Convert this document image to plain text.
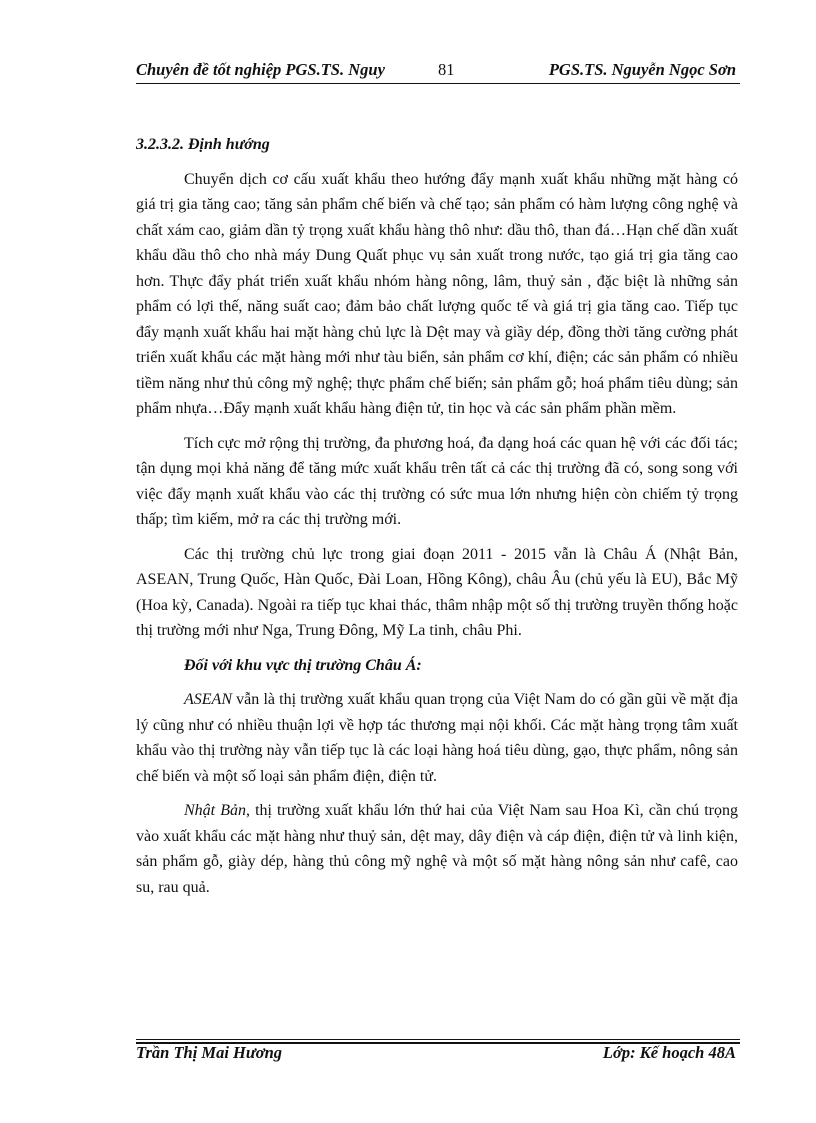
Chuyên đề tốt nghiệp PGS.TS. Nguy	81	PGS.TS. Nguyễn Ngọc Sơn

3.2.3.2. Định hướng

Chuyển dịch cơ cấu xuất khẩu theo hướng đẩy mạnh xuất khẩu những mặt hàng có giá trị gia tăng cao; tăng sản phẩm chế biến và chế tạo; sản phẩm có hàm lượng công nghệ và chất xám cao, giảm dần tỷ trọng xuất khẩu hàng thô như: dầu thô, than đá…Hạn chế dần xuất khẩu dầu thô cho nhà máy Dung Quất phục vụ sản xuất trong nước, tạo giá trị gia tăng cao hơn. Thực đẩy phát triển xuất khẩu nhóm hàng nông, lâm, thuỷ sản , đặc biệt là những sản phẩm có lợi thế, năng suất cao; đảm bảo chất lượng quốc tế và giá trị gia tăng cao. Tiếp tục đẩy mạnh xuất khẩu hai mặt hàng chủ lực là Dệt may và giầy dép, đồng thời tăng cường phát triển xuất khẩu các mặt hàng mới như tàu biển, sản phẩm cơ khí, điện; các sản phẩm có nhiều tiềm năng như thủ công mỹ nghệ; thực phẩm chế biến; sản phẩm gỗ; hoá phẩm tiêu dùng; sản phẩm nhựa…Đẩy mạnh xuất khẩu hàng điện tử, tin học và các sản phẩm phần mềm.

Tích cực mở rộng thị trường, đa phương hoá, đa dạng hoá các quan hệ với các đối tác; tận dụng mọi khả năng để tăng mức xuất khẩu trên tất cả các thị trường đã có, song song với việc đẩy mạnh xuất khẩu vào các thị trường có sức mua lớn nhưng hiện còn chiếm tỷ trọng thấp; tìm kiếm, mở ra các thị trường mới.

Các thị trường chủ lực trong giai đoạn 2011 - 2015 vẫn là Châu Á (Nhật Bản, ASEAN, Trung Quốc, Hàn Quốc, Đài Loan, Hồng Kông), châu Âu (chủ yếu là EU), Bắc Mỹ (Hoa kỳ, Canada). Ngoài ra tiếp tục khai thác, thâm nhập một số thị trường truyền thống hoặc thị trường mới như Nga, Trung Đông, Mỹ La tinh, châu Phi.

Đối với khu vực thị trường Châu Á:

ASEAN vẫn là thị trường xuất khẩu quan trọng của Việt Nam do có gần gũi về mặt địa lý cũng như có nhiều thuận lợi về hợp tác thương mại nội khối. Các mặt hàng trọng tâm xuất khẩu vào thị trường này vẫn tiếp tục là các loại hàng hoá tiêu dùng, gạo, thực phẩm, nông sản chế biến và một số loại sản phẩm điện, điện tử.

Nhật Bản, thị trường xuất khẩu lớn thứ hai của Việt Nam sau Hoa Kì, cần chú trọng vào xuất khẩu các mặt hàng như thuỷ sản, dệt may, dây điện và cáp điện, điện tử và linh kiện, sản phẩm gỗ, giày dép, hàng thủ công mỹ nghệ và một số mặt hàng nông sản như cafê, cao su, rau quả.

Trần Thị Mai Hương	Lớp: Kế hoạch 48A
